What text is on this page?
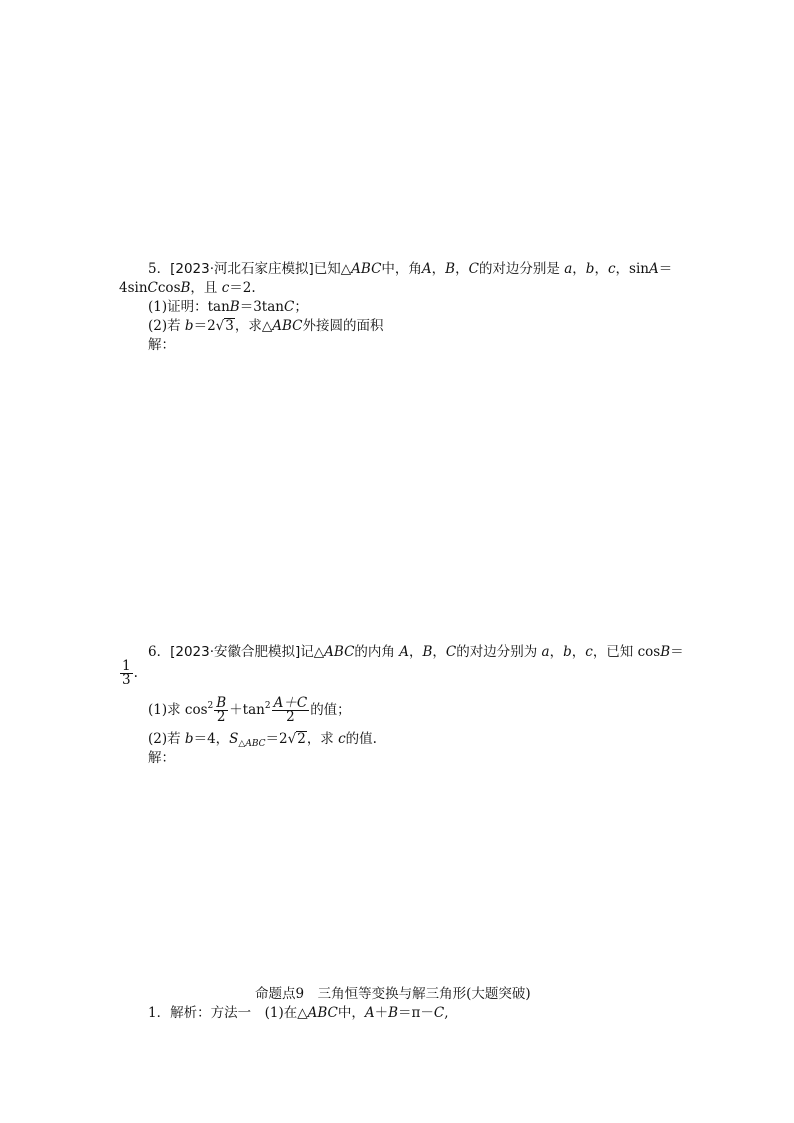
5．[2023·河北石家庄模拟]已知△ABC中，角A，B，C的对边分别是 a，b，c，sinA＝
4sinCcosB，且 c＝2.
(1)证明：tanB＝3tanC；
(2)若 b＝2√3，求△ABC外接圆的面积
解：
6．[2023·安徽合肥模拟]记△ABC的内角 A，B，C的对边分别为 a，b，c，已知 cosB＝
$\frac{1}{3}$ .
(1)求 $\cos^2 \frac{B}{2} +\tan^2 \frac{A+C}{2}$ 的值；
(2)若 b＝4，$S_{\triangle ABC}=2√2$，求 c的值.
解：
命题点9　三角恒等变换与解三角形(大题突破)
1．解析：方法一　(1)在△ABC中，A＋B＝π－C,
